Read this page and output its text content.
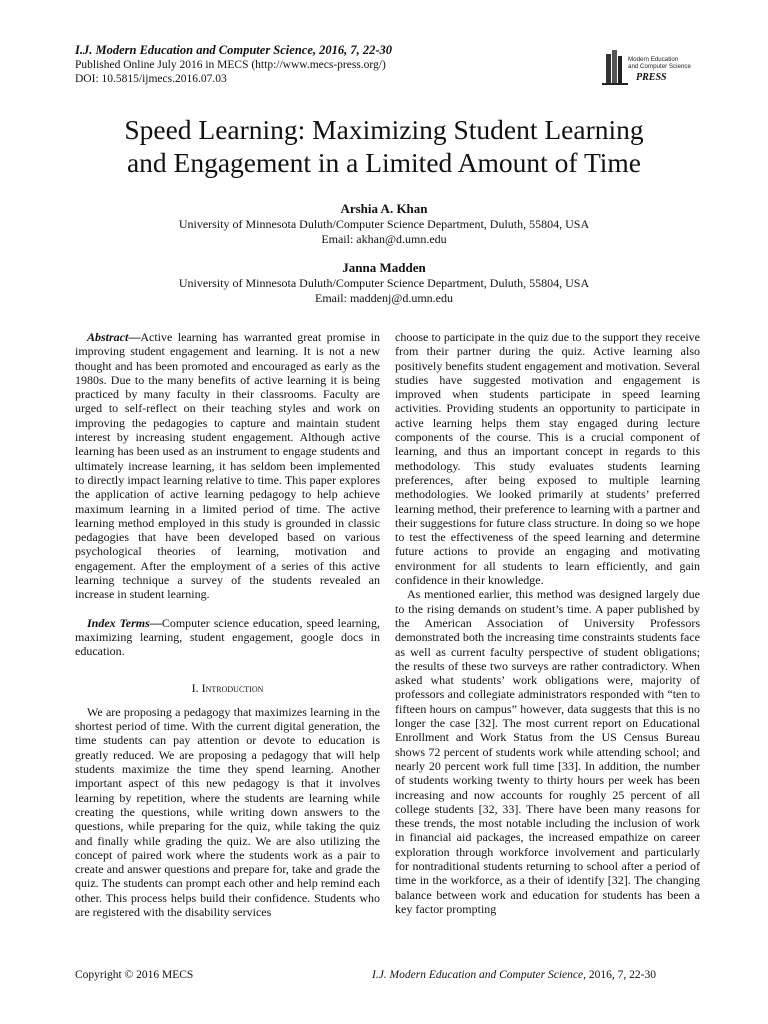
I.J. Modern Education and Computer Science, 2016, 7, 22-30
Published Online July 2016 in MECS (http://www.mecs-press.org/)
DOI: 10.5815/ijmecs.2016.07.03
Modern Education
and Computer Science
PRESS
Speed Learning: Maximizing Student Learning
and Engagement in a Limited Amount of Time
Arshia A. Khan
University of Minnesota Duluth/Computer Science Department, Duluth, 55804, USA
Email: akhan@d.umn.edu
Janna Madden
University of Minnesota Duluth/Computer Science Department, Duluth, 55804, USA
Email: maddenj@d.umn.edu

Abstract—Active learning has warranted great promise in improving student engagement and learning. It is not a new thought and has been promoted and encouraged as early as the 1980s. Due to the many benefits of active learning it is being practiced by many faculty in their classrooms. Faculty are urged to self-reflect on their teaching styles and work on improving the pedagogies to capture and maintain student interest by increasing student engagement. Although active learning has been used as an instrument to engage students and ultimately increase learning, it has seldom been implemented to directly impact learning relative to time. This paper explores the application of active learning pedagogy to help achieve maximum learning in a limited period of time. The active learning method employed in this study is grounded in classic pedagogies that have been developed based on various psychological theories of learning, motivation and engagement. After the employment of a series of this active learning technique a survey of the students revealed an increase in student learning.

Index Terms—Computer science education, speed learning, maximizing learning, student engagement, google docs in education.

I. Introduction

We are proposing a pedagogy that maximizes learning in the shortest period of time. With the current digital generation, the time students can pay attention or devote to education is greatly reduced. We are proposing a pedagogy that will help students maximize the time they spend learning. Another important aspect of this new pedagogy is that it involves learning by repetition, where the students are learning while creating the questions, while writing down answers to the questions, while preparing for the quiz, while taking the quiz and finally while grading the quiz. We are also utilizing the concept of paired work where the students work as a pair to create and answer questions and prepare for, take and grade the quiz. The students can prompt each other and help remind each other. This process helps build their confidence. Students who are registered with the disability services

choose to participate in the quiz due to the support they receive from their partner during the quiz. Active learning also positively benefits student engagement and motivation. Several studies have suggested motivation and engagement is improved when students participate in speed learning activities. Providing students an opportunity to participate in active learning helps them stay engaged during lecture components of the course. This is a crucial component of learning, and thus an important concept in regards to this methodology. This study evaluates students learning preferences, after being exposed to multiple learning methodologies. We looked primarily at students’ preferred learning method, their preference to learning with a partner and their suggestions for future class structure. In doing so we hope to test the effectiveness of the speed learning and determine future actions to provide an engaging and motivating environment for all students to learn efficiently, and gain confidence in their knowledge.

As mentioned earlier, this method was designed largely due to the rising demands on student’s time. A paper published by the American Association of University Professors demonstrated both the increasing time constraints students face as well as current faculty perspective of student obligations; the results of these two surveys are rather contradictory. When asked what students’ work obligations were, majority of professors and collegiate administrators responded with “ten to fifteen hours on campus” however, data suggests that this is no longer the case [32]. The most current report on Educational Enrollment and Work Status from the US Census Bureau shows 72 percent of students work while attending school; and nearly 20 percent work full time [33]. In addition, the number of students working twenty to thirty hours per week has been increasing and now accounts for roughly 25 percent of all college students [32, 33]. There have been many reasons for these trends, the most notable including the inclusion of work in financial aid packages, the increased empathize on career exploration through workforce involvement and particularly for nontraditional students returning to school after a period of time in the workforce, as a their of identify [32]. The changing balance between work and education for students has been a key factor prompting

Copyright © 2016 MECS	I.J. Modern Education and Computer Science, 2016, 7, 22-30
